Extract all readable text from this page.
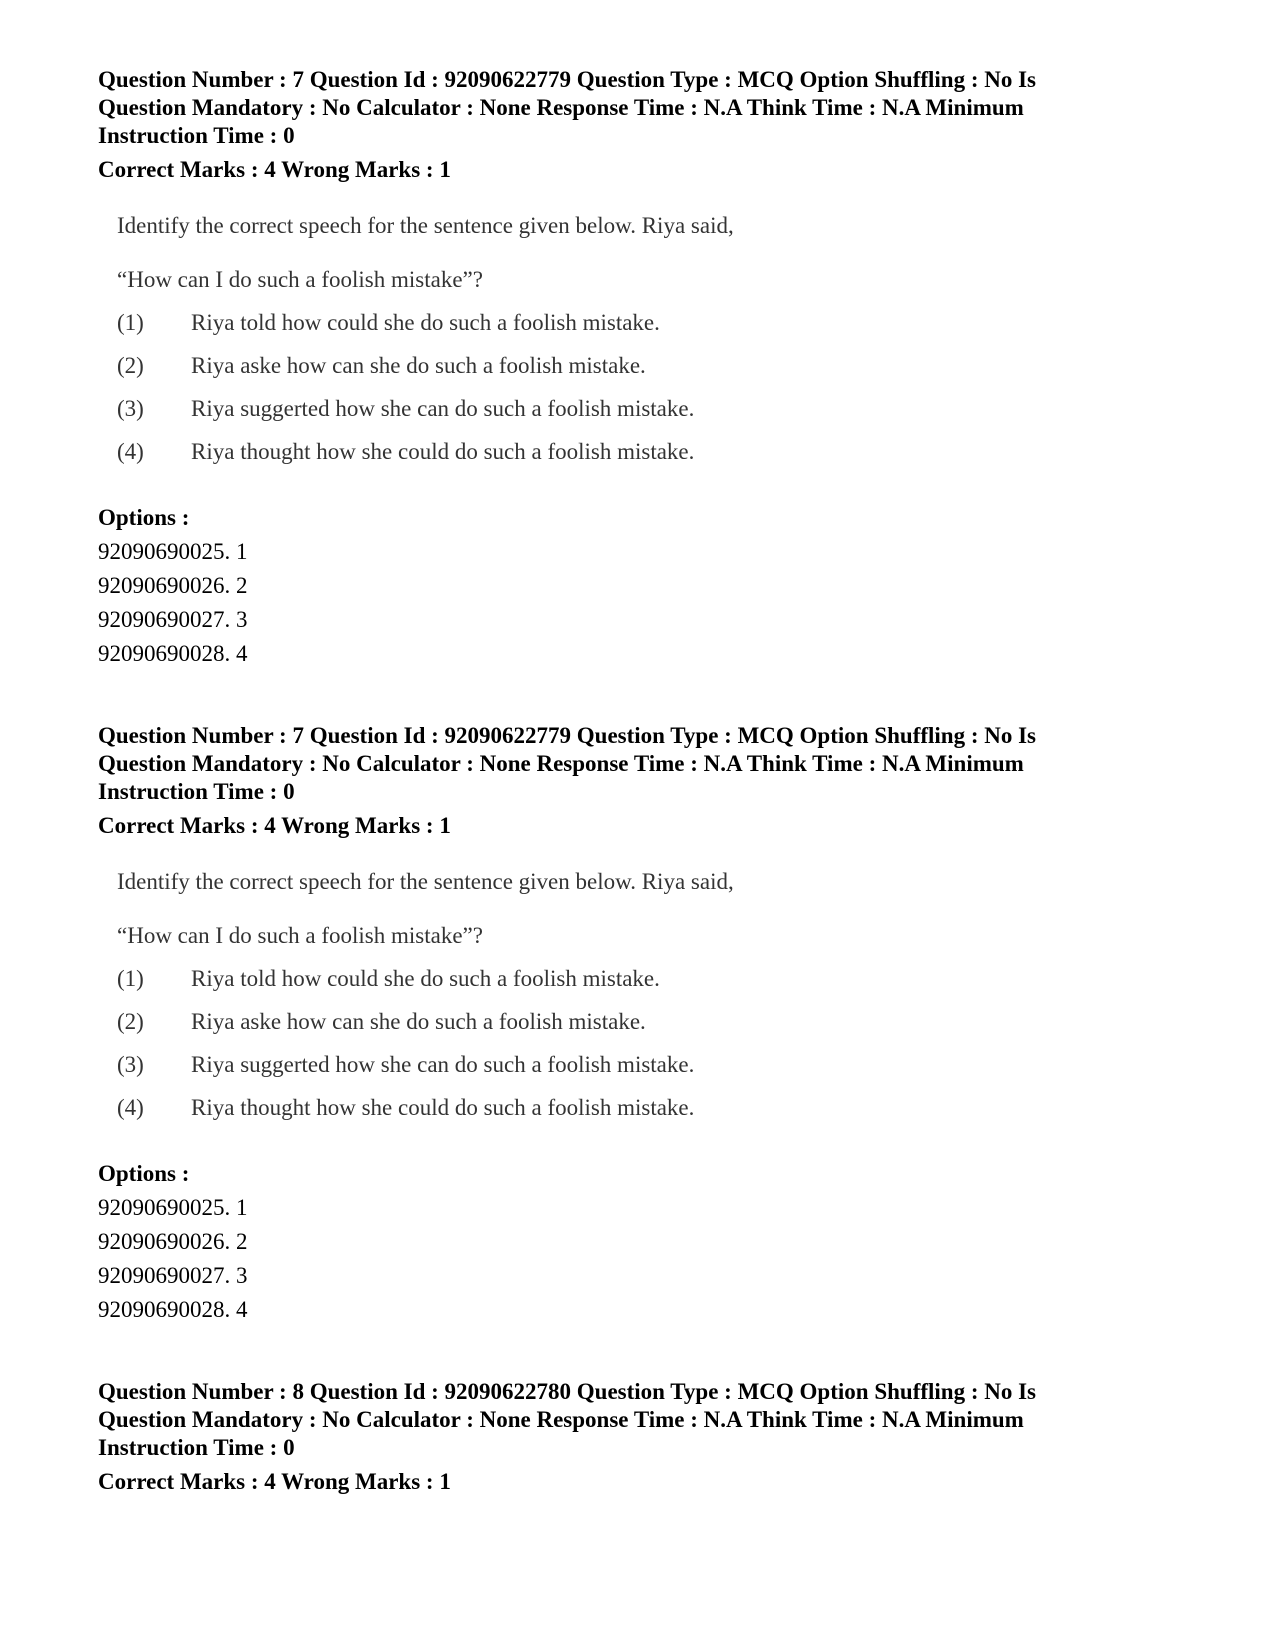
Question Number : 7 Question Id : 92090622779 Question Type : MCQ Option Shuffling : No Is

Question Mandatory : No Calculator : None Response Time : N.A Think Time : N.A Minimum

Instruction Time : 0

Correct Marks : 4 Wrong Marks : 1

Identify the correct speech for the sentence given below. Riya said,

“How can I do such a foolish mistake”?
(1)	Riya told how could she do such a foolish mistake.
(2)	Riya aske how can she do such a foolish mistake.
(3)	Riya suggerted how she can do such a foolish mistake.
(4)	Riya thought how she could do such a foolish mistake.
Options :
92090690025. 1
92090690026. 2
92090690027. 3
92090690028. 4

Question Number : 7 Question Id : 92090622779 Question Type : MCQ Option Shuffling : No Is

Question Mandatory : No Calculator : None Response Time : N.A Think Time : N.A Minimum

Instruction Time : 0

Correct Marks : 4 Wrong Marks : 1

Identify the correct speech for the sentence given below. Riya said,

“How can I do such a foolish mistake”?
(1)	Riya told how could she do such a foolish mistake.
(2)	Riya aske how can she do such a foolish mistake.
(3)	Riya suggerted how she can do such a foolish mistake.
(4)	Riya thought how she could do such a foolish mistake.
Options :
92090690025. 1
92090690026. 2
92090690027. 3
92090690028. 4

Question Number : 8 Question Id : 92090622780 Question Type : MCQ Option Shuffling : No Is

Question Mandatory : No Calculator : None Response Time : N.A Think Time : N.A Minimum

Instruction Time : 0

Correct Marks : 4 Wrong Marks : 1
